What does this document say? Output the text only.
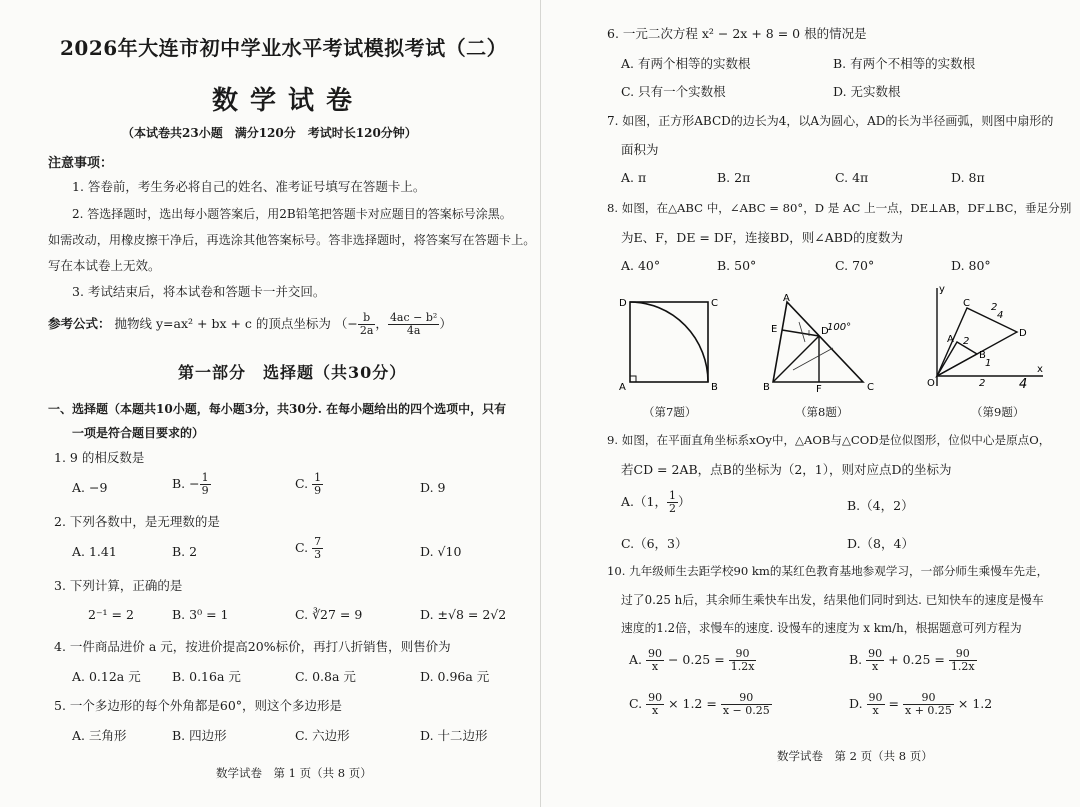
2026年大连市初中学业水平考试模拟考试（二）
数学试卷
（本试卷共23小题　满分120分　考试时长120分钟）
注意事项：
1. 答卷前，考生务必将自己的姓名、准考证号填写在答题卡上。
2. 答选择题时，选出每小题答案后，用2B铅笔把答题卡对应题目的答案标号涂黑。
如需改动，用橡皮擦干净后，再选涂其他答案标号。答非选择题时，将答案写在答题卡上。
写在本试卷上无效。
3. 考试结束后，将本试卷和答题卡一并交回。
参考公式： 抛物线 y=ax² + bx + c 的顶点坐标为 （− $\frac{b}{2a}$ ， $\frac{\text{4ac − b²}}{4a}$ ）
第一部分　选择题（共30分）
一、选择题（本题共10小题，每小题3分，共30分. 在每小题给出的四个选项中，只有
一项是符合题目要求的）
1. 9 的相反数是
A. −9	B. − $\frac{1}{9}$	C. $\frac{1}{9}$	D. 9
2. 下列各数中，是无理数的是
A. 1.41	B. 2	C. $\frac{7}{3}$	D. √10
3. 下列计算，正确的是
2⁻¹ = 2	B. 3⁰ = 1	C. ∛27 = 9	D. ±√8 = 2√2
4. 一件商品进价 a 元，按进价提高20%标价，再打八折销售，则售价为
A. 0.12a 元	B. 0.16a 元	C. 0.8a 元	D. 0.96a 元
5. 一个多边形的每个外角都是60°，则这个多边形是
A. 三角形	B. 四边形	C. 六边形	D. 十二边形
数学试卷　第 1 页（共 8 页）
6. 一元二次方程 x² − 2x + 8 = 0 根的情况是
A. 有两个相等的实数根	B. 有两个不相等的实数根
C. 只有一个实数根	D. 无实数根
7. 如图，正方形ABCD的边长为4，以A为圆心，AD的长为半径画弧，则图中扇形的
面积为
A. π	B. 2π	C. 4π	D. 8π
8. 如图，在△ABC 中，∠ABC = 80°，D 是 AC 上一点，DE⊥AB，DF⊥BC，垂足分别
为E、F，DE = DF，连接BD，则∠ABD的度数为
A. 40°	B. 50°	C. 70°	D. 80°
D	C
A	B
A
E	D
100°
B	F	C
y
x
O
A
B
C
D
2
4
2
1
2	4
（第7题）	（第8题）	（第9题）
9. 如图，在平面直角坐标系xOy中，△AOB与△COD是位似图形，位似中心是原点O，
若CD = 2AB，点B的坐标为（2，1），则对应点D的坐标为
A.（1， $\frac{1}{2}$ ）	B.（4，2）
C.（6，3）	D.（8，4）
10. 九年级师生去距学校90 km的某红色教育基地参观学习，一部分师生乘慢车先走，
过了0.25 h后，其余师生乘快车出发，结果他们同时到达. 已知快车的速度是慢车
速度的1.2倍，求慢车的速度. 设慢车的速度为 x km/h，根据题意可列方程为
A. $\frac{90}{x} - 0.25 = \frac{90}{1.2x}$	B. $\frac{90}{x} + 0.25 = \frac{90}{1.2x}$
C. $\frac{90}{x} \times 1.2 = \frac{90}{x - 0.25}$	D. $\frac{90}{x} = \frac{90}{x + 0.25} \times 1.2$
数学试卷　第 2 页（共 8 页）
